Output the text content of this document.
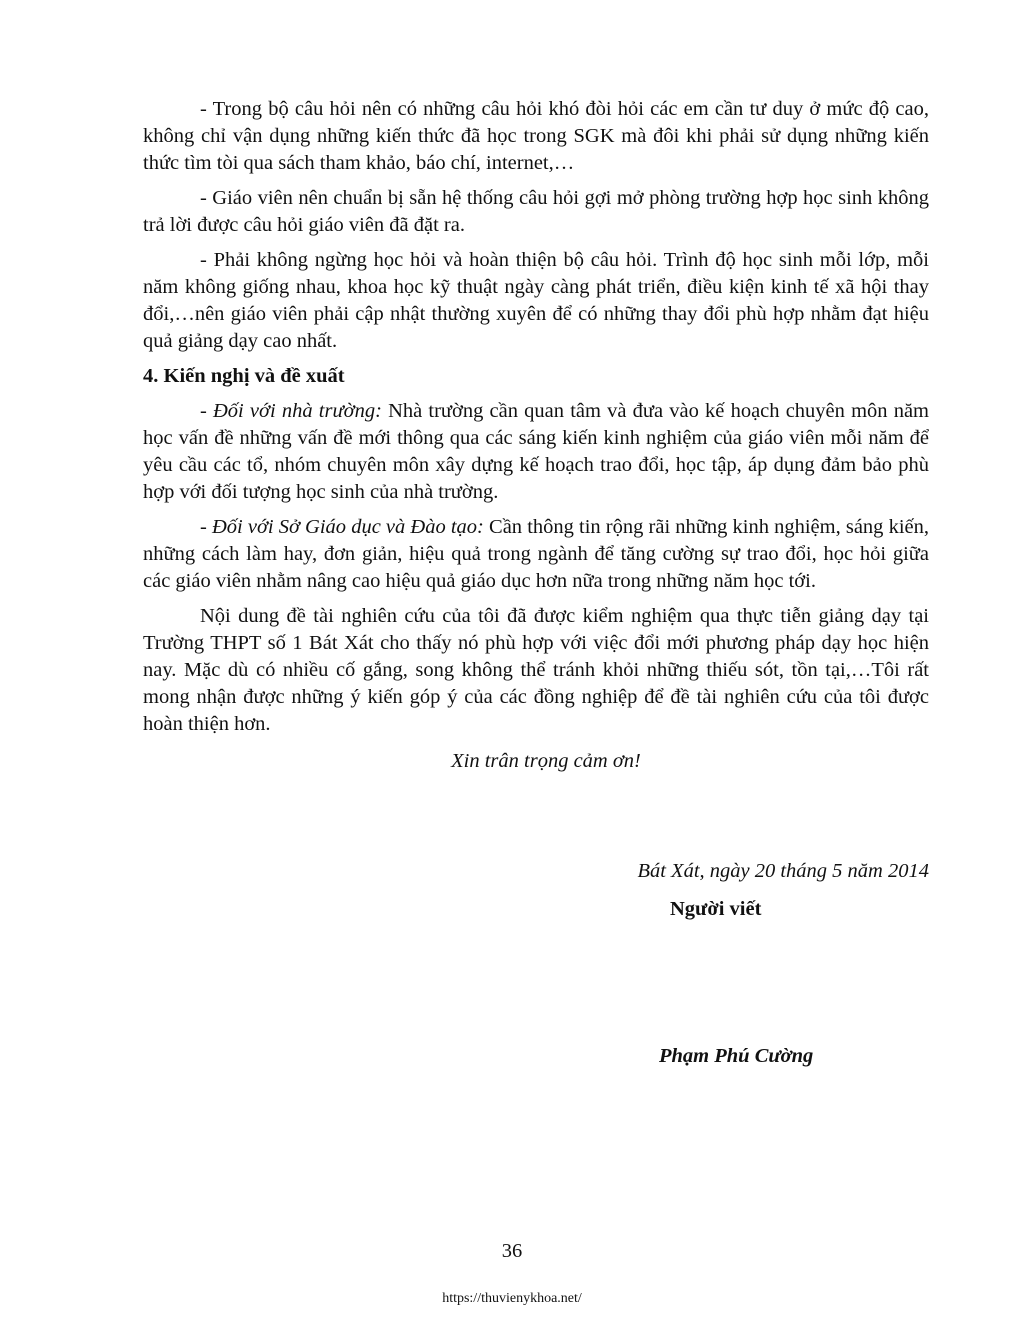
- Trong bộ câu hỏi nên có những câu hỏi khó đòi hỏi các em cần tư duy ở mức độ cao, không chỉ vận dụng những kiến thức đã học trong SGK mà đôi khi phải sử dụng những kiến thức tìm tòi qua sách tham khảo, báo chí, internet,…

- Giáo viên nên chuẩn bị sẵn hệ thống câu hỏi gợi mở phòng trường hợp học sinh không trả lời được câu hỏi giáo viên đã đặt ra.

- Phải không ngừng học hỏi và hoàn thiện bộ câu hỏi. Trình độ học sinh mỗi lớp, mỗi năm không giống nhau, khoa học kỹ thuật ngày càng phát triển, điều kiện kinh tế xã hội thay đổi,…nên giáo viên phải cập nhật thường xuyên để có những thay đổi phù hợp nhằm đạt hiệu quả giảng dạy cao nhất.

4. Kiến nghị và đề xuất

- Đối với nhà trường: Nhà trường cần quan tâm và đưa vào kế hoạch chuyên môn năm học vấn đề những vấn đề mới thông qua các sáng kiến kinh nghiệm của giáo viên mỗi năm để yêu cầu các tổ, nhóm chuyên môn xây dựng kế hoạch trao đổi, học tập, áp dụng đảm bảo phù hợp với đối tượng học sinh của nhà trường.

- Đối với Sở Giáo dục và Đào tạo: Cần thông tin rộng rãi những kinh nghiệm, sáng kiến, những cách làm hay, đơn giản, hiệu quả trong ngành để tăng cường sự trao đổi, học hỏi giữa các giáo viên nhằm nâng cao hiệu quả giáo dục hơn nữa trong những năm học tới.

Nội dung đề tài nghiên cứu của tôi đã được kiểm nghiệm qua thực tiễn giảng dạy tại Trường THPT số 1 Bát Xát cho thấy nó phù hợp với việc đổi mới phương pháp dạy học hiện nay. Mặc dù có nhiều cố gắng, song không thể tránh khỏi những thiếu sót, tồn tại,…Tôi rất mong nhận được những ý kiến góp ý của các đồng nghiệp để đề tài nghiên cứu của tôi được hoàn thiện hơn.

Xin trân trọng cảm ơn!

Bát Xát, ngày 20 tháng 5 năm 2014
Người viết
Phạm Phú Cường
36
https://thuvienykhoa.net/
